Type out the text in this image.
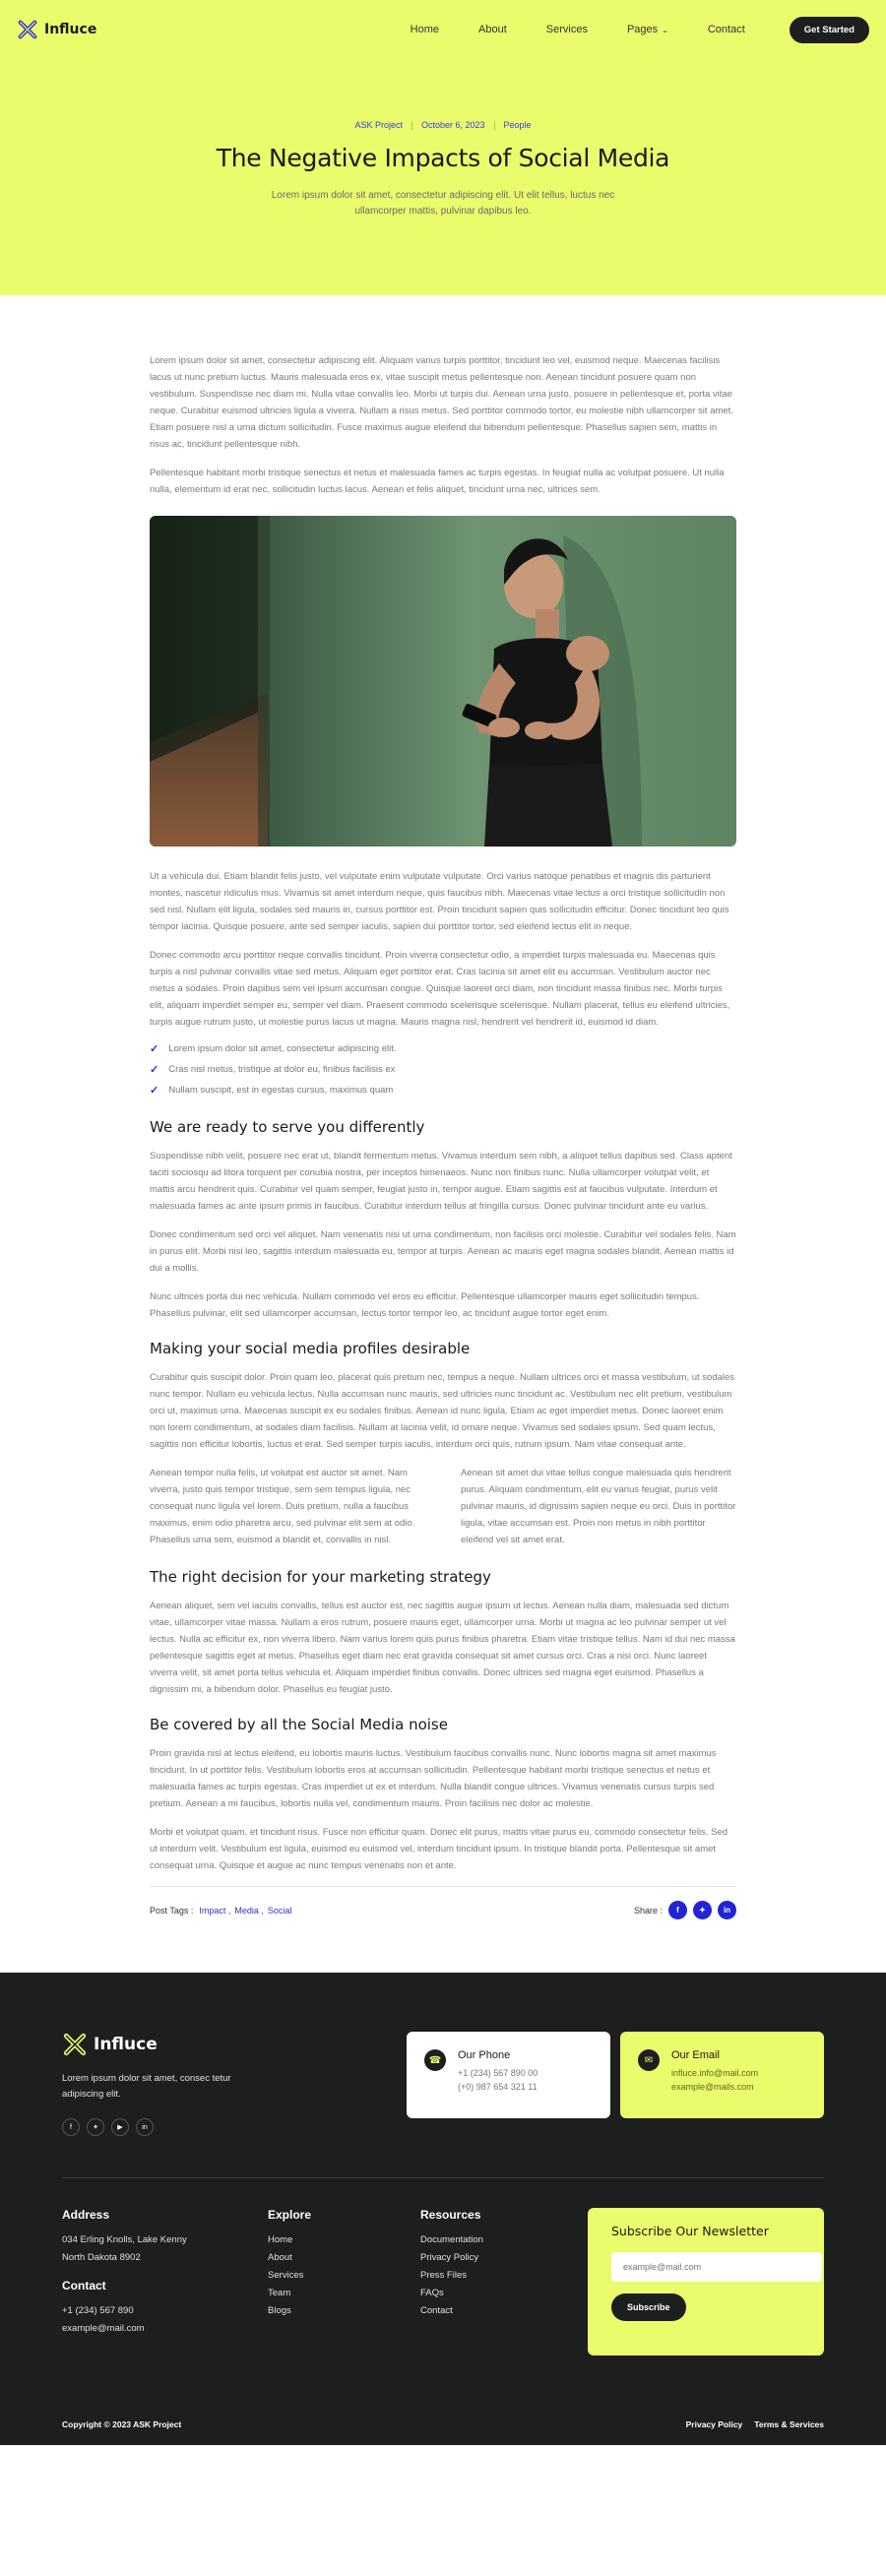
Influce	Home	About	Services	Pages ⌄	Contact	Get Started
ASK Project October 6, 2023 People
The Negative Impacts of Social Media

Lorem ipsum dolor sit amet, consectetur adipiscing elit. Ut elit tellus, luctus nec ullamcorper mattis, pulvinar dapibus leo.

Lorem ipsum dolor sit amet, consectetur adipiscing elit. Aliquam varius turpis porttitor, tincidunt leo vel, euismod neque. Maecenas facilisis lacus ut nunc pretium luctus. Mauris malesuada eros ex, vitae suscipit metus pellentesque non. Aenean tincidunt posuere quam non vestibulum. Suspendisse nec diam mi. Nulla vitae convallis leo. Morbi ut turpis dui. Aenean urna justo, posuere in pellentesque et, porta vitae neque. Curabitur euismod ultricies ligula a viverra. Nullam a risus metus. Sed porttitor commodo tortor, eu molestie nibh ullamcorper sit amet. Etiam posuere nisl a urna dictum sollicitudin. Fusce maximus augue eleifend dui bibendum pellentesque. Phasellus sapien sem, mattis in risus ac, tincidunt pellentesque nibh.

Pellentesque habitant morbi tristique senectus et netus et malesuada fames ac turpis egestas. In feugiat nulla ac volutpat posuere. Ut nulla nulla, elementum id erat nec, sollicitudin luctus lacus. Aenean et felis aliquet, tincidunt urna nec, ultrices sem.

Ut a vehicula dui. Etiam blandit felis justo, vel vulputate enim vulputate vulputate. Orci varius natoque penatibus et magnis dis parturient montes, nascetur ridiculus mus. Vivamus sit amet interdum neque, quis faucibus nibh. Maecenas vitae lectus a orci tristique sollicitudin non sed nisl. Nullam elit ligula, sodales sed mauris in, cursus porttitor est. Proin tincidunt sapien quis sollicitudin efficitur. Donec tincidunt leo quis tempor lacinia. Quisque posuere, ante sed semper iaculis, sapien dui porttitor tortor, sed eleifend lectus elit in neque.

Donec commodo arcu porttitor neque convallis tincidunt. Proin viverra consectetur odio, a imperdiet turpis malesuada eu. Maecenas quis turpis a nisl pulvinar convallis vitae sed metus. Aliquam eget porttitor erat. Cras lacinia sit amet elit eu accumsan. Vestibulum auctor nec metus a sodales. Proin dapibus sem vel ipsum accumsan congue. Quisque laoreet orci diam, non tincidunt massa finibus nec. Morbi turpis elit, aliquam imperdiet semper eu, semper vel diam. Praesent commodo scelerisque scelerisque. Nullam placerat, tellus eu eleifend ultricies, turpis augue rutrum justo, ut molestie purus lacus ut magna. Mauris magna nisl, hendrerit vel hendrerit id, euismod id diam.

✓ Lorem ipsum dolor sit amet, consectetur adipiscing elit.
✓ Cras nisl metus, tristique at dolor eu, finibus facilisis ex
✓ Nullam suscipit, est in egestas cursus, maximus quam
We are ready to serve you differently

Suspendisse nibh velit, posuere nec erat ut, blandit fermentum metus. Vivamus interdum sem nibh, a aliquet tellus dapibus sed. Class aptent taciti sociosqu ad litora torquent per conubia nostra, per inceptos himenaeos. Nunc non finibus nunc. Nulla ullamcorper volutpat velit, et mattis arcu hendrerit quis. Curabitur vel quam semper, feugiat justo in, tempor augue. Etiam sagittis est at faucibus vulputate. Interdum et malesuada fames ac ante ipsum primis in faucibus. Curabitur interdum tellus at fringilla cursus. Donec pulvinar tincidunt ante eu varius.

Donec condimentum sed orci vel aliquet. Nam venenatis nisi ut urna condimentum, non facilisis orci molestie. Curabitur vel sodales felis. Nam in purus elit. Morbi nisi leo, sagittis interdum malesuada eu, tempor at turpis. Aenean ac mauris eget magna sodales blandit. Aenean mattis id dui a mollis.

Nunc ultrices porta dui nec vehicula. Nullam commodo vel eros eu efficitur. Pellentesque ullamcorper mauris eget sollicitudin tempus. Phasellus pulvinar, elit sed ullamcorper accumsan, lectus tortor tempor leo, ac tincidunt augue tortor eget enim.

Making your social media profiles desirable

Curabitur quis suscipit dolor. Proin quam leo, placerat quis pretium nec, tempus a neque. Nullam ultrices orci et massa vestibulum, ut sodales nunc tempor. Nullam eu vehicula lectus. Nulla accumsan nunc mauris, sed ultricies nunc tincidunt ac. Vestibulum nec elit pretium, vestibulum orci ut, maximus urna. Maecenas suscipit ex eu sodales finibus. Aenean id nunc ligula. Etiam ac eget imperdiet metus. Donec laoreet enim non lorem condimentum, at sodales diam facilisis. Nullam at lacinia velit, id ornare neque. Vivamus sed sodales ipsum. Sed quam lectus, sagittis non efficitur lobortis, luctus et erat. Sed semper turpis iaculis, interdum orci quis, rutrum ipsum. Nam vitae consequat ante.

Aenean tempor nulla felis, ut volutpat est auctor sit amet. Nam viverra, justo quis tempor tristique, sem sem tempus ligula, nec consequat nunc ligula vel lorem. Duis pretium, nulla a faucibus maximus, enim odio pharetra arcu, sed pulvinar elit sem at odio. Phasellus urna sem, euismod a blandit et, convallis in nisl.

Aenean sit amet dui vitae tellus congue malesuada quis hendrerit purus. Aliquam condimentum, elit eu varius feugiat, purus velit pulvinar mauris, id dignissim sapien neque eu orci. Duis in porttitor ligula, vitae accumsan est. Proin non metus in nibh porttitor eleifend vel sit amet erat.

The right decision for your marketing strategy

Aenean aliquet, sem vel iaculis convallis, tellus est auctor est, nec sagittis augue ipsum ut lectus. Aenean nulla diam, malesuada sed dictum vitae, ullamcorper vitae massa. Nullam a eros rutrum, posuere mauris eget, ullamcorper urna. Morbi ut magna ac leo pulvinar semper ut vel lectus. Nulla ac efficitur ex, non viverra libero. Nam varius lorem quis purus finibus pharetra. Etiam vitae tristique tellus. Nam id dui nec massa pellentesque sagittis eget at metus. Phasellus eget diam nec erat gravida consequat sit amet cursus orci. Cras a nisi orci. Nunc laoreet viverra velit, sit amet porta tellus vehicula et. Aliquam imperdiet finibus convallis. Donec ultrices sed magna eget euismod. Phasellus a dignissim mi, a bibendum dolor. Phasellus eu feugiat justo.

Be covered by all the Social Media noise

Proin gravida nisl at lectus eleifend, eu lobortis mauris luctus. Vestibulum faucibus convallis nunc. Nunc lobortis magna sit amet maximus tincidunt. In ut porttitor felis. Vestibulum lobortis eros at accumsan sollicitudin. Pellentesque habitant morbi tristique senectus et netus et malesuada fames ac turpis egestas. Cras imperdiet ut ex et interdum. Nulla blandit congue ultrices. Vivamus venenatis cursus turpis sed pretium. Aenean a mi faucibus, lobortis nulla vel, condimentum mauris. Proin facilisis nec dolor ac molestie.

Morbi et volutpat quam, et tincidunt risus. Fusce non efficitur quam. Donec elit purus, mattis vitae purus eu, commodo consectetur felis. Sed ut interdum velit. Vestibulum est ligula, euismod eu euismod vel, interdum tincidunt ipsum. In tristique blandit porta. Pellentesque sit amet consequat urna. Quisque et augue ac nunc tempus venenatis non et ante.

Post Tags : Impact , Media , Social	Share :	f	✦	in
Influce

Lorem ipsum dolor sit amet, consec tetur adipiscing elit.

f	✦	▶	in
☎	Our Phone
+1 (234) 567 890 00
(+0) 987 654 321 11
✉	Our Email
influce.info@mail.com
example@mails.com
Address
034 Erling Knolls, Lake Kenny
North Dakota 8902
Contact
+1 (234) 567 890
example@mail.com
Explore
Home
About
Services
Team
Blogs
Resources
Documentation
Privacy Policy
Press Files
FAQs
Contact
Subscribe Our Newsletter
example@mail.com Subscribe
Copyright © 2023 ASK Project	Privacy Policy Terms & Services
